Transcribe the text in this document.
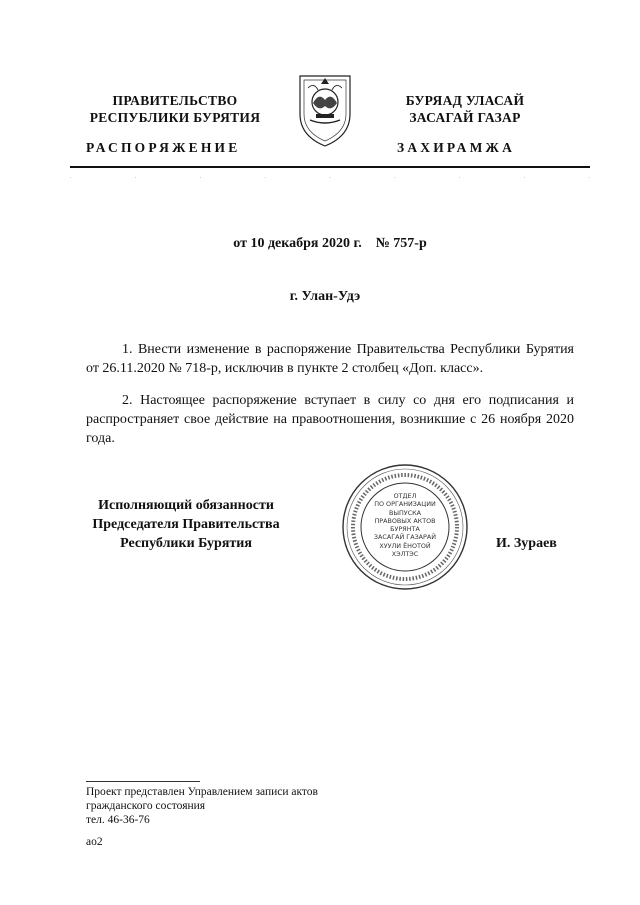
ПРАВИТЕЛЬСТВО
РЕСПУБЛИКИ БУРЯТИЯ
РАСПОРЯЖЕНИЕ
БУРЯАД УЛАСАЙ
ЗАСАГАЙ ГАЗАР
ЗАХИРАМЖА
.	.	.	.	.	.	.	.	.
от 10 декабря 2020 г.    № 757-р
г. Улан-Удэ
1. Внести изменение в распоряжение Правительства Республики Бурятия от 26.11.2020 № 718-р, исключив в пункте 2 столбец «Доп. класс».
2. Настоящее распоряжение вступает в силу со дня его подписания и распространяет свое действие на правоотношения, возникшие с 26 ноября 2020 года.
Исполняющий обязанности
Председателя Правительства
Республики Бурятия
ОТДЕЛ
ПО ОРГАНИЗАЦИИ
ВЫПУСКА
ПРАВОВЫХ АКТОВ
БУРЯНТА
ЗАСАГАЙ ГАЗАРАЙ
ХУУЛИ ЁНОТОЙ
ХЭЛТЭС
И. Зураев
Проект представлен Управлением записи актов
гражданского состояния
тел. 46-36-76
ао2
